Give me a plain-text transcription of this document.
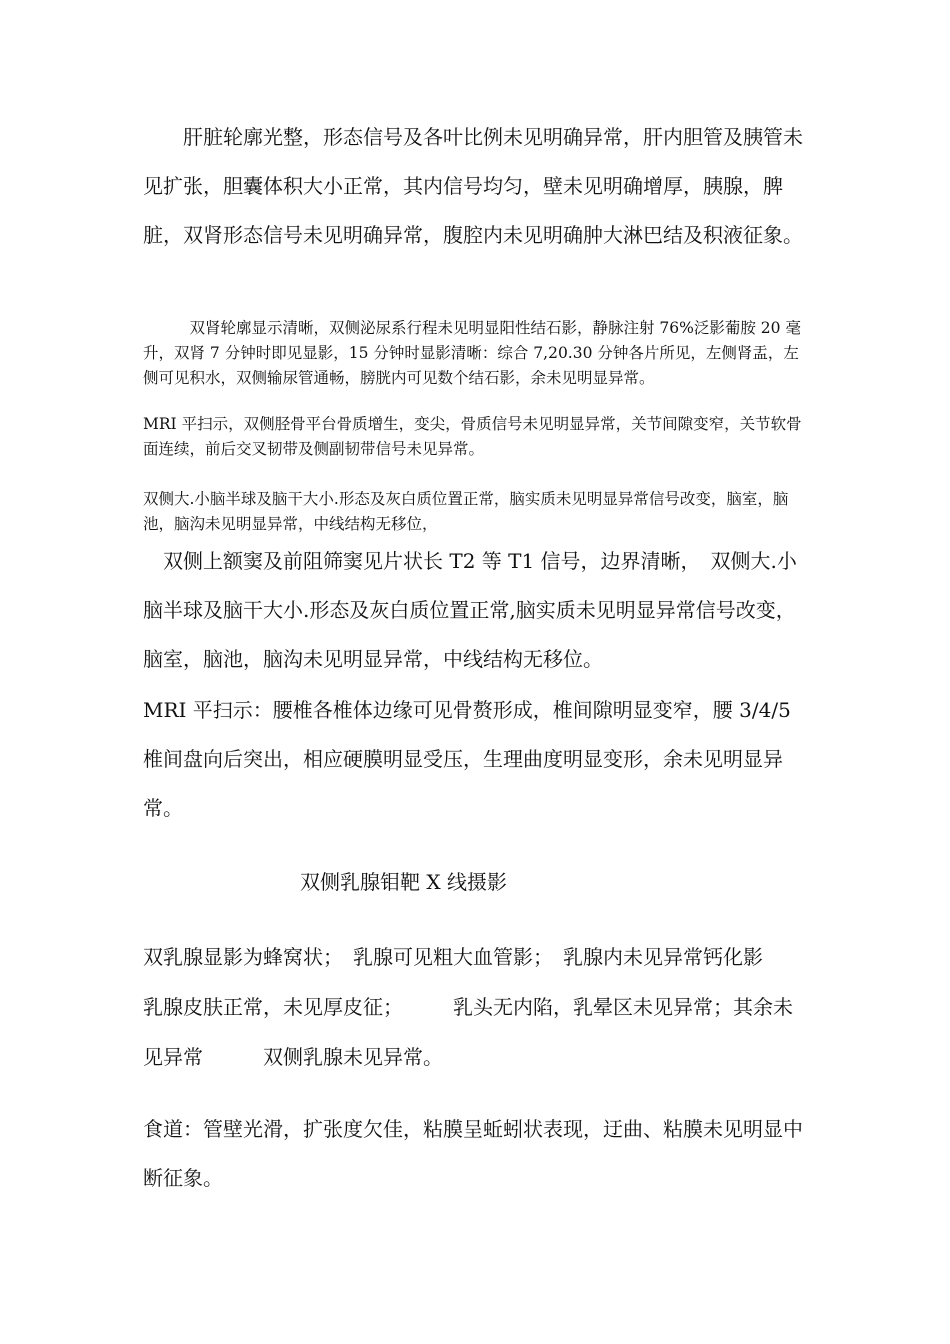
　　肝脏轮廓光整，形态信号及各叶比例未见明确异常，肝内胆管及胰管未见扩张，胆囊体积大小正常，其内信号均匀，壁未见明确增厚，胰腺，脾脏，双肾形态信号未见明确异常，腹腔内未见明确肿大淋巴结及积液征象。

　　　双肾轮廓显示清晰，双侧泌尿系行程未见明显阳性结石影，静脉注射 76%泛影葡胺 20 毫升，双肾 7 分钟时即见显影，15 分钟时显影清晰：综合 7,20.30 分钟各片所见，左侧肾盂，左侧可见积水，双侧输尿管通畅，膀胱内可见数个结石影，余未见明显异常。

MRI 平扫示，双侧胫骨平台骨质增生，变尖，骨质信号未见明显异常，关节间隙变窄，关节软骨面连续，前后交叉韧带及侧副韧带信号未见异常。

双侧大.小脑半球及脑干大小.形态及灰白质位置正常，脑实质未见明显异常信号改变，脑室，脑池，脑沟未见明显异常，中线结构无移位，

　双侧上额窦及前阻筛窦见片状长 T2 等 T1 信号，边界清晰，　双侧大.小脑半球及脑干大小.形态及灰白质位置正常,脑实质未见明显异常信号改变，脑室，脑池，脑沟未见明显异常，中线结构无移位。

MRI 平扫示：腰椎各椎体边缘可见骨赘形成，椎间隙明显变窄，腰 3/4/5 椎间盘向后突出，相应硬膜明显受压，生理曲度明显变形，余未见明显异常。

双侧乳腺钼靶 X 线摄影

双乳腺显影为蜂窝状；　乳腺可见粗大血管影；　乳腺内未见异常钙化影　　乳腺皮肤正常，未见厚皮征；　　　乳头无内陷，乳晕区未见异常；其余未见异常　　　双侧乳腺未见异常。

食道：管壁光滑，扩张度欠佳，粘膜呈蚯蚓状表现，迂曲、粘膜未见明显中断征象。
